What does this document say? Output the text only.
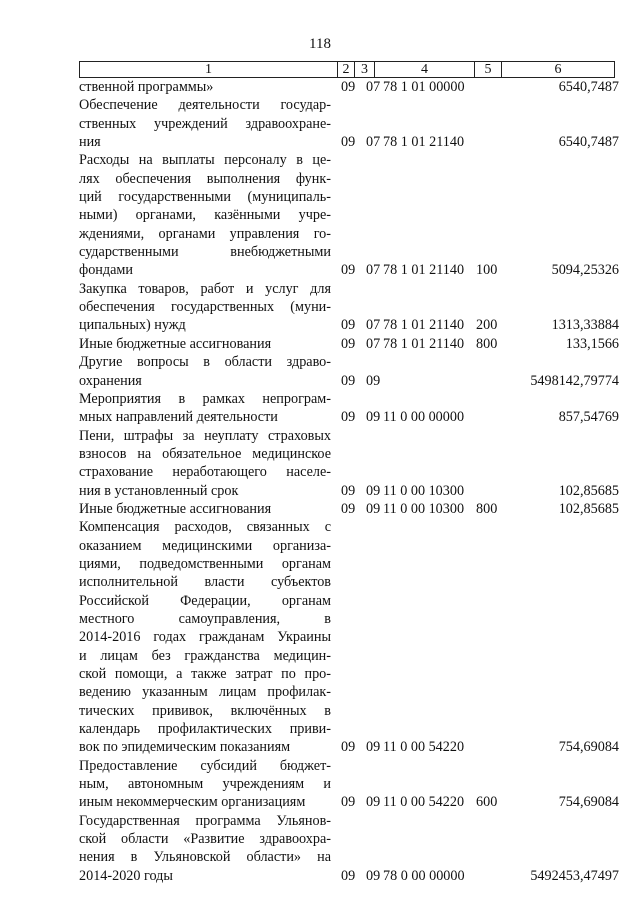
118
1	2 3	4	5	6
ственной программы»	09 07 78 1 01 00000	6540,7487
Обеспечение деятельности государ-
ственных учреждений здравоохране-
ния	09 07 78 1 01 21140	6540,7487
Расходы на выплаты персоналу в це-
лях обеспечения выполнения функ-
ций государственными (муниципаль-
ными) органами, казёнными учре-
ждениями, органами управления го-
сударственными внебюджетными
фондами	09 07 78 1 01 21140 100	5094,25326
Закупка товаров, работ и услуг для
обеспечения государственных (муни-
ципальных) нужд	09 07 78 1 01 21140 200	1313,33884
Иные бюджетные ассигнования	09 07 78 1 01 21140 800	133,1566
Другие вопросы в области здраво-
охранения	09 09	5498142,79774
Мероприятия в рамках непрограм-
мных направлений деятельности	09 09 11 0 00 00000	857,54769
Пени, штрафы за неуплату страховых
взносов на обязательное медицинское
страхование неработающего населе-
ния в установленный срок	09 09 11 0 00 10300	102,85685
Иные бюджетные ассигнования	09 09 11 0 00 10300 800	102,85685
Компенсация расходов, связанных с
оказанием медицинскими организа-
циями, подведомственными органам
исполнительной власти субъектов
Российской Федерации, органам
местного самоуправления, в
2014-2016 годах гражданам Украины
и лицам без гражданства медицин-
ской помощи, а также затрат по про-
ведению указанным лицам профилак-
тических прививок, включённых в
календарь профилактических приви-
вок по эпидемическим показаниям	09 09 11 0 00 54220	754,69084
Предоставление субсидий бюджет-
ным, автономным учреждениям и
иным некоммерческим организациям	09 09 11 0 00 54220 600	754,69084
Государственная программа Ульянов-
ской области «Развитие здравоохра-
нения в Ульяновской области» на
2014-2020 годы	09 09 78 0 00 00000	5492453,47497
